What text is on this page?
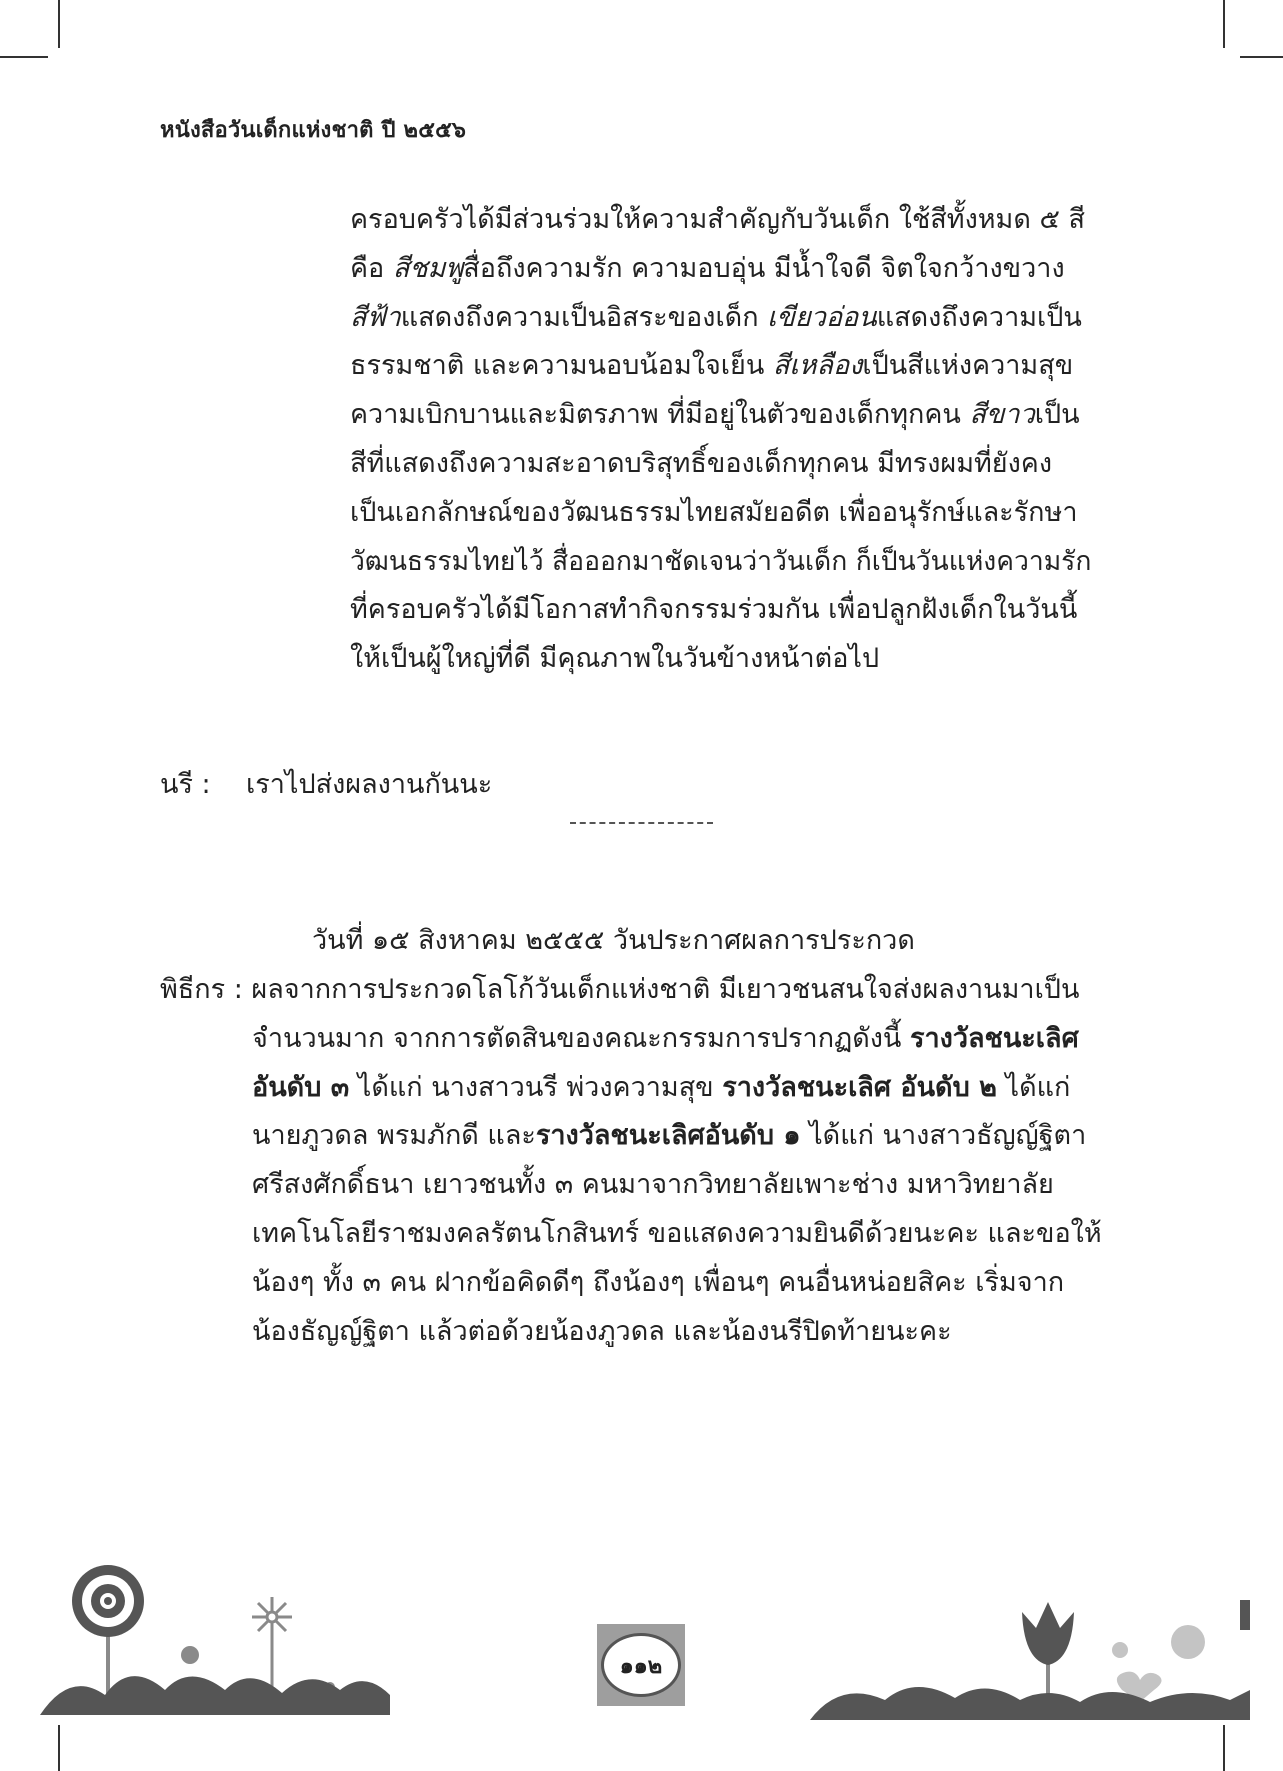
หนังสือวันเด็กแห่งชาติ ปี ๒๕๕๖
ครอบครัวได้มีส่วนร่วมให้ความสำคัญกับวันเด็ก ใช้สีทั้งหมด ๕ สี
คือ สีชมพูสื่อถึงความรัก ความอบอุ่น มีน้ำใจดี จิตใจกว้างขวาง
สีฟ้าแสดงถึงความเป็นอิสระของเด็ก เขียวอ่อนแสดงถึงความเป็น
ธรรมชาติ และความนอบน้อมใจเย็น สีเหลืองเป็นสีแห่งความสุข
ความเบิกบานและมิตรภาพ ที่มีอยู่ในตัวของเด็กทุกคน สีขาวเป็น
สีที่แสดงถึงความสะอาดบริสุทธิ์ของเด็กทุกคน มีทรงผมที่ยังคง
เป็นเอกลักษณ์ของวัฒนธรรมไทยสมัยอดีต เพื่ออนุรักษ์และรักษา
วัฒนธรรมไทยไว้ สื่อออกมาชัดเจนว่าวันเด็ก ก็เป็นวันแห่งความรัก
ที่ครอบครัวได้มีโอกาสทำกิจกรรมร่วมกัน เพื่อปลูกฝังเด็กในวันนี้
ให้เป็นผู้ใหญ่ที่ดี มีคุณภาพในวันข้างหน้าต่อไป
นรี : เราไปส่งผลงานกันนะ
วันที่ ๑๕ สิงหาคม ๒๕๕๕ วันประกาศผลการประกวด
พิธีกร : ผลจากการประกวดโลโก้วันเด็กแห่งชาติ มีเยาวชนสนใจส่งผลงานมาเป็น
จำนวนมาก จากการตัดสินของคณะกรรมการปรากฏดังนี้ รางวัลชนะเลิศ
อันดับ ๓ ได้แก่ นางสาวนรี พ่วงความสุข รางวัลชนะเลิศ อันดับ ๒ ได้แก่
นายภูวดล พรมภักดี และรางวัลชนะเลิศอันดับ ๑ ได้แก่ นางสาวธัญญ์ฐิตา
ศรีสงศักดิ์ธนา เยาวชนทั้ง ๓ คนมาจากวิทยาลัยเพาะช่าง มหาวิทยาลัย
เทคโนโลยีราชมงคลรัตนโกสินทร์ ขอแสดงความยินดีด้วยนะคะ และขอให้
น้องๆ ทั้ง ๓ คน ฝากข้อคิดดีๆ ถึงน้องๆ เพื่อนๆ คนอื่นหน่อยสิคะ เริ่มจาก
น้องธัญญ์ฐิตา แล้วต่อด้วยน้องภูวดล และน้องนรีปิดท้ายนะคะ
๑๑๒
